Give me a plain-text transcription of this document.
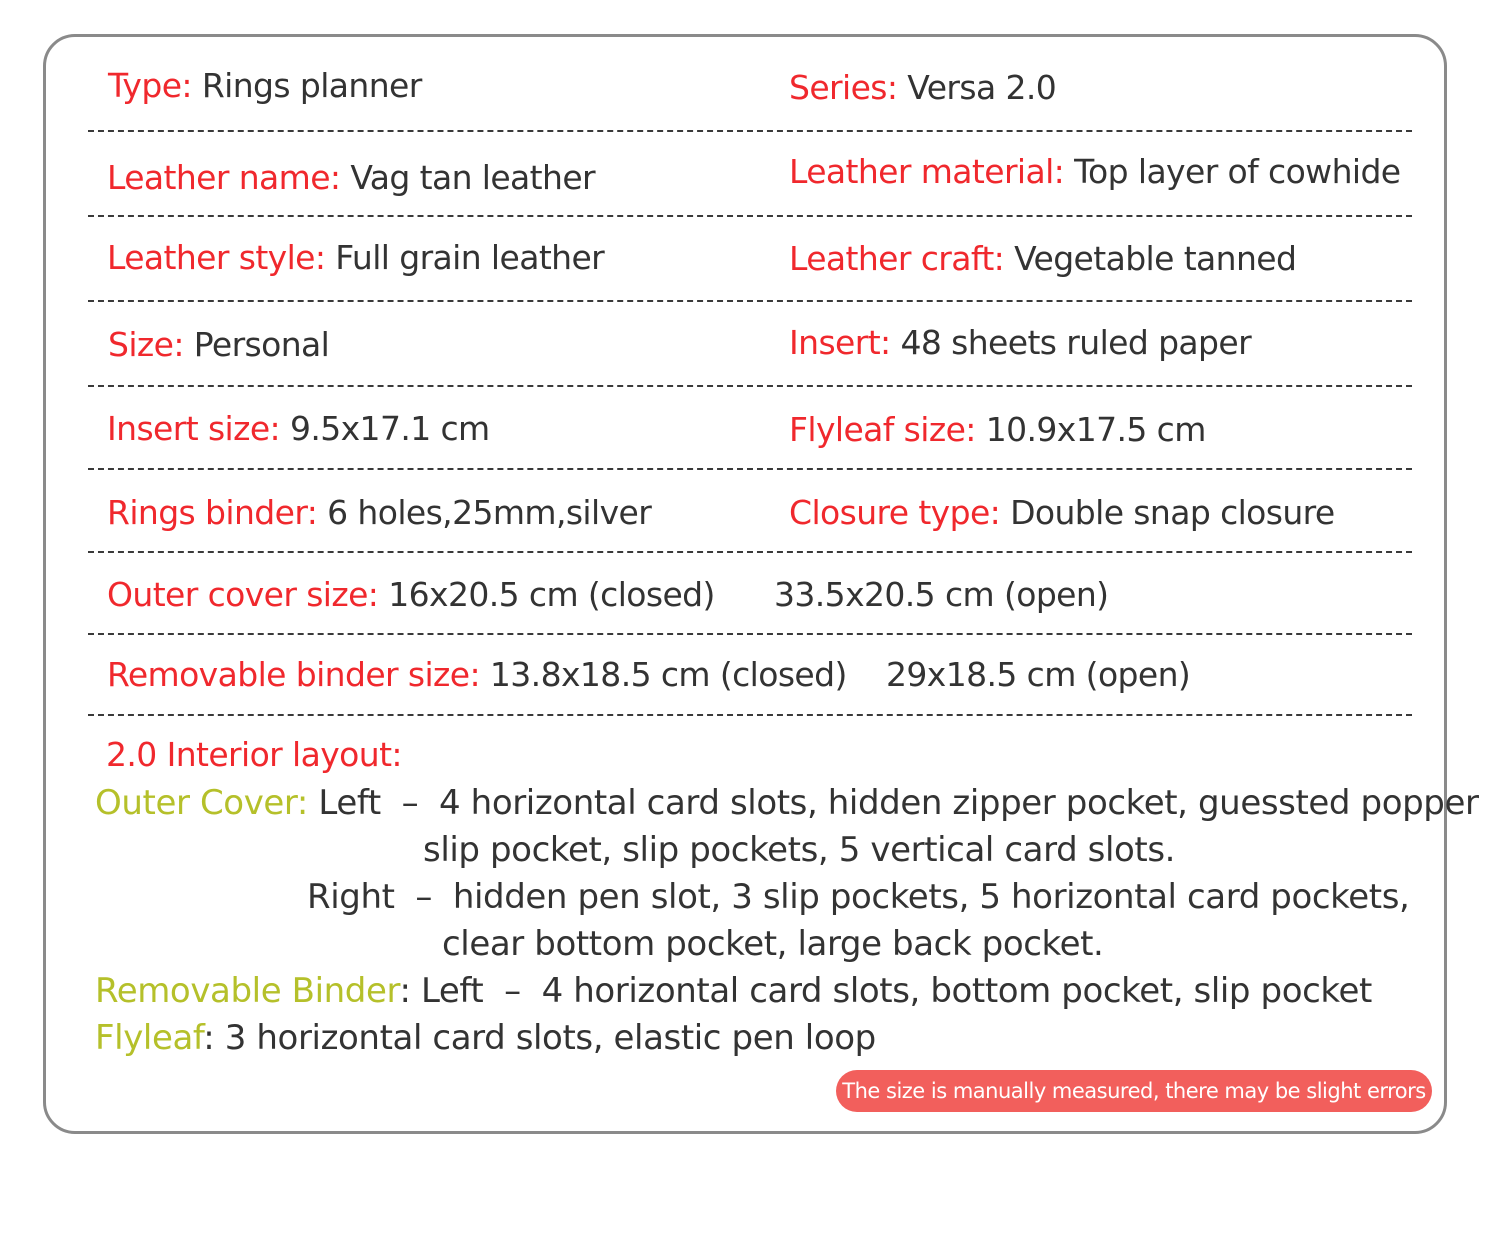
Type: Rings planner	Series: Versa 2.0
Leather name: Vag tan leather	Leather material: Top layer of cowhide
Leather style: Full grain leather	Leather craft: Vegetable tanned
Size: Personal	Insert: 48 sheets ruled paper
Insert size: 9.5x17.1 cm	Flyleaf size: 10.9x17.5 cm
Rings binder: 6 holes,25mm,silver	Closure type: Double snap closure
Outer cover size: 16x20.5 cm (closed) 33.5x20.5 cm (open)
Removable binder size: 13.8x18.5 cm (closed) 29x18.5 cm (open)
2.0 Interior layout:
Outer Cover: Left – 4 horizontal card slots, hidden zipper pocket, guessted popper
slip pocket, slip pockets, 5 vertical card slots.
Right – hidden pen slot, 3 slip pockets, 5 horizontal card pockets,
clear bottom pocket, large back pocket.
Removable Binder: Left – 4 horizontal card slots, bottom pocket, slip pocket
Flyleaf: 3 horizontal card slots, elastic pen loop
The size is manually measured, there may be slight errors
